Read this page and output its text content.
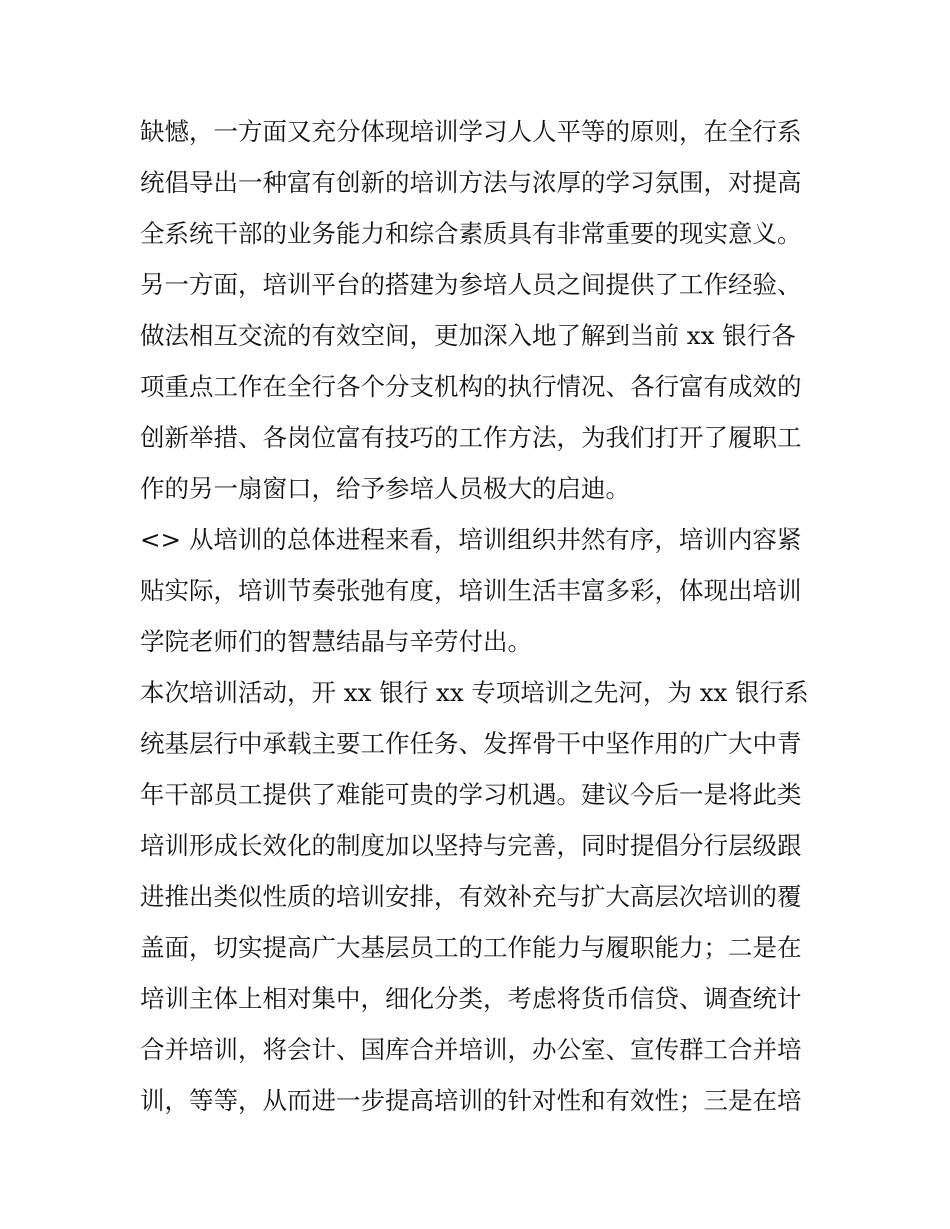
缺憾，一方面又充分体现培训学习人人平等的原则，在全行系
统倡导出一种富有创新的培训方法与浓厚的学习氛围，对提高
全系统干部的业务能力和综合素质具有非常重要的现实意义。
另一方面，培训平台的搭建为参培人员之间提供了工作经验、
做法相互交流的有效空间，更加深入地了解到当前 xx 银行各
项重点工作在全行各个分支机构的执行情况、各行富有成效的
创新举措、各岗位富有技巧的工作方法，为我们打开了履职工
作的另一扇窗口，给予参培人员极大的启迪。
<> 从培训的总体进程来看，培训组织井然有序，培训内容紧
贴实际，培训节奏张弛有度，培训生活丰富多彩，体现出培训
学院老师们的智慧结晶与辛劳付出。
本次培训活动，开 xx 银行 xx 专项培训之先河，为 xx 银行系
统基层行中承载主要工作任务、发挥骨干中坚作用的广大中青
年干部员工提供了难能可贵的学习机遇。建议今后一是将此类
培训形成长效化的制度加以坚持与完善，同时提倡分行层级跟
进推出类似性质的培训安排，有效补充与扩大高层次培训的覆
盖面，切实提高广大基层员工的工作能力与履职能力；二是在
培训主体上相对集中，细化分类，考虑将货币信贷、调查统计
合并培训，将会计、国库合并培训，办公室、宣传群工合并培
训，等等，从而进一步提高培训的针对性和有效性；三是在培
